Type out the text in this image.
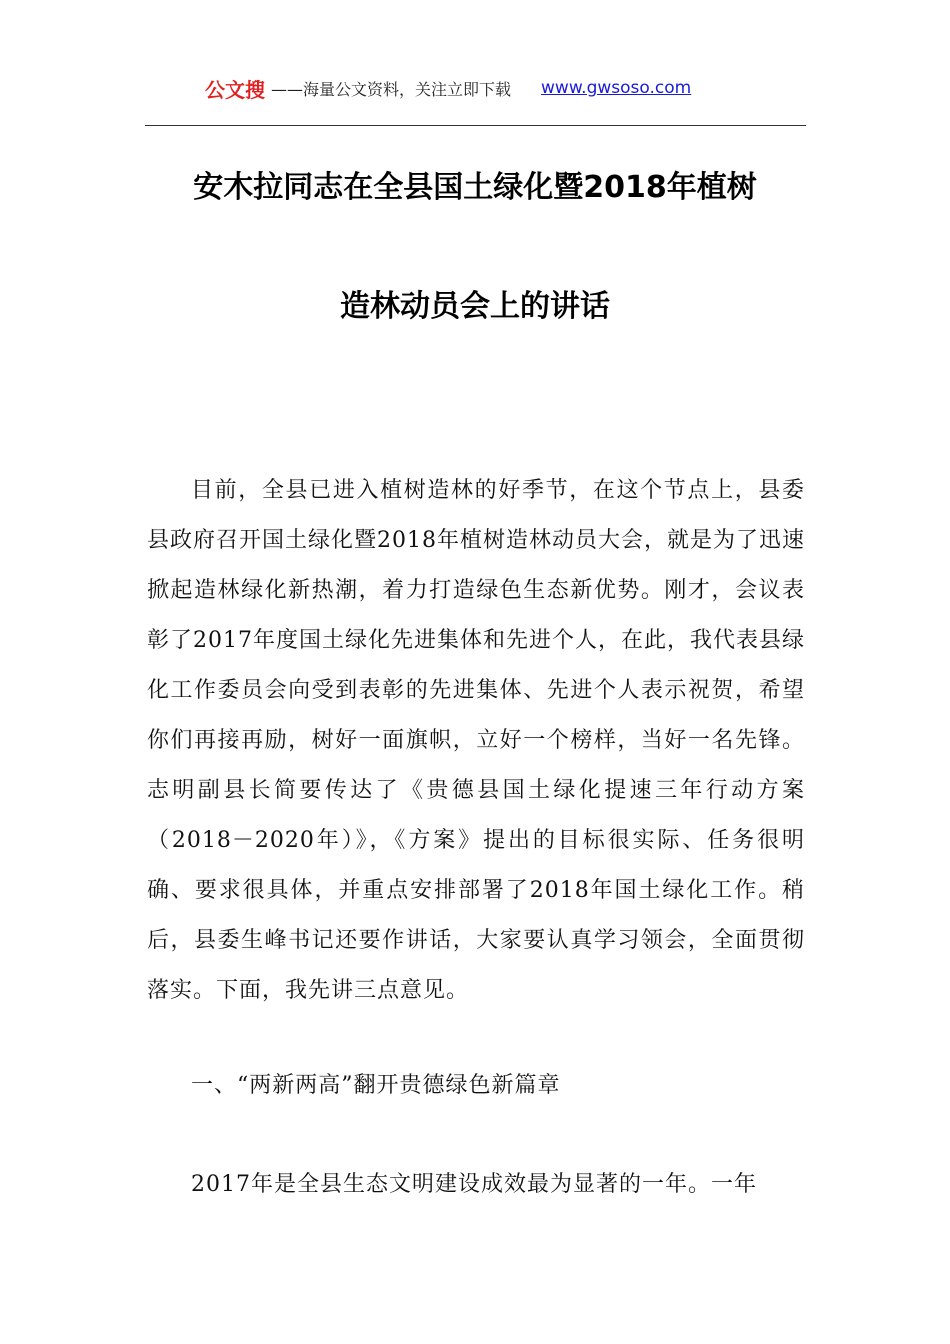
公文搜 ——海量公文资料，关注立即下载 www.gwsoso.com
安木拉同志在全县国土绿化暨2018年植树
造林动员会上的讲话

目前，全县已进入植树造林的好季节，在这个节点上，县委县政府召开国土绿化暨2018年植树造林动员大会，就是为了迅速掀起造林绿化新热潮，着力打造绿色生态新优势。刚才，会议表彰了2017年度国土绿化先进集体和先进个人，在此，我代表县绿化工作委员会向受到表彰的先进集体、先进个人表示祝贺，希望你们再接再励，树好一面旗帜，立好一个榜样，当好一名先锋。志明副县长简要传达了《贵德县国土绿化提速三年行动方案（2018－2020年）》，《方案》提出的目标很实际、任务很明确、要求很具体，并重点安排部署了2018年国土绿化工作。稍后，县委生峰书记还要作讲话，大家要认真学习领会，全面贯彻落实。下面，我先讲三点意见。

一、“两新两高”翻开贵德绿色新篇章

2017年是全县生态文明建设成效最为显著的一年。一年
